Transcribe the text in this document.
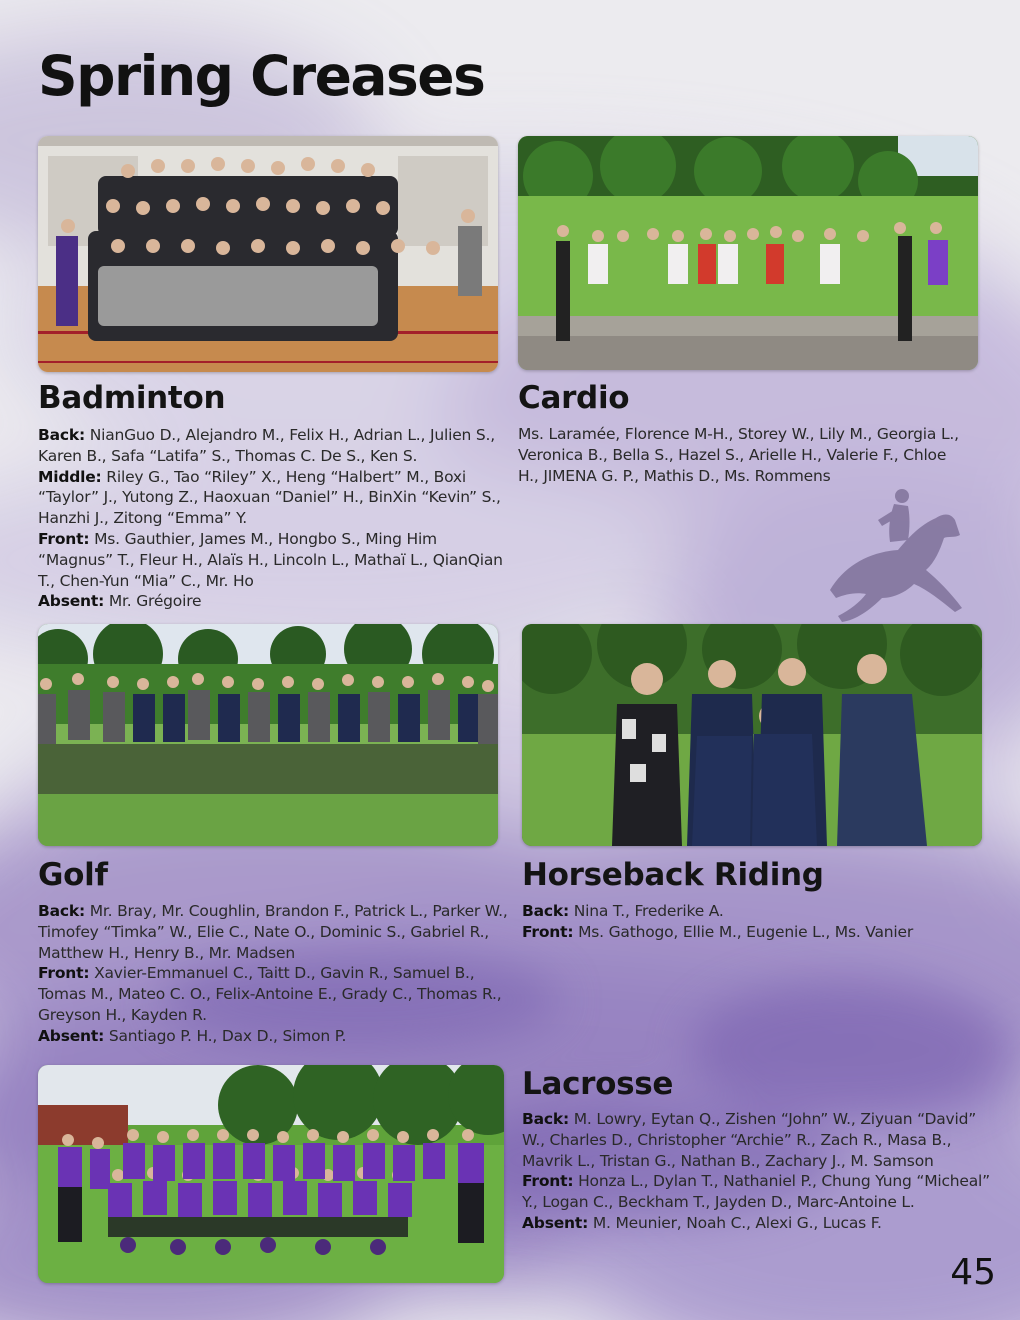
Spring Creases
Badminton

Back: NianGuo D., Alejandro M., Felix H., Adrian L., Julien S., Karen B., Safa “Latifa” S., Thomas C. De S., Ken S.

Middle: Riley G., Tao “Riley” X., Heng “Halbert” M., Boxi “Taylor” J., Yutong Z., Haoxuan “Daniel” H., BinXin “Kevin” S., Hanzhi J., Zitong “Emma” Y.

Front: Ms. Gauthier, James M., Hongbo S., Ming Him “Magnus” T., Fleur H., Alaïs H., Lincoln L., Mathaï L., QianQian T., Chen-Yun “Mia” C., Mr. Ho

Absent: Mr. Grégoire

Cardio

Ms. Laramée, Florence M-H., Storey W., Lily M., Georgia L., Veronica B., Bella S., Hazel S., Arielle H., Valerie F., Chloe H., JIMENA G. P., Mathis D., Ms. Rommens

Golf

Back: Mr. Bray, Mr. Coughlin, Brandon F., Patrick L., Parker W., Timofey “Timka” W., Elie C., Nate O., Dominic S., Gabriel R., Matthew H., Henry B., Mr. Madsen

Front: Xavier-Emmanuel C., Taitt D., Gavin R., Samuel B., Tomas M., Mateo C. O., Felix-Antoine E., Grady C., Thomas R., Greyson H., Kayden R.

Absent: Santiago P. H., Dax D., Simon P.

Horseback Riding

Back: Nina T., Frederike A.

Front: Ms. Gathogo, Ellie M., Eugenie L., Ms. Vanier

Lacrosse

Back: M. Lowry, Eytan Q., Zishen “John” W., Ziyuan “David” W., Charles D., Christopher “Archie” R., Zach R., Masa B., Mavrik L., Tristan G., Nathan B., Zachary J., M. Samson

Front: Honza L., Dylan T., Nathaniel P., Chung Yung “Micheal” Y., Logan C., Beckham T., Jayden D., Marc-Antoine L.

Absent: M. Meunier, Noah C., Alexi G., Lucas F.

45
